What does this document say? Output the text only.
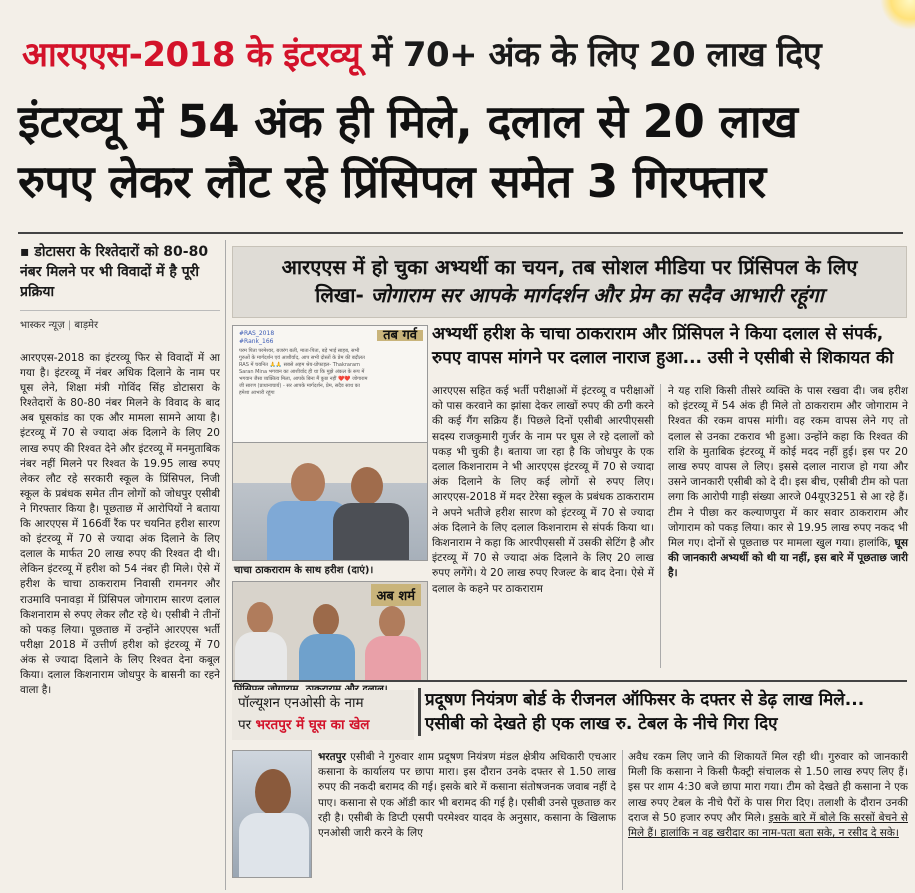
आरएएस-2018 के इंटरव्यू में 70+ अंक के लिए 20 लाख दिए
इंटरव्यू में 54 अंक ही मिले, दलाल से 20 लाख
रुपए लेकर लौट रहे प्रिंसिपल समेत 3 गिरफ्तार
▪ डोटासरा के रिश्तेदारों को 80-80 नंबर मिलने पर भी विवादों में है पूरी प्रक्रिया
भास्कर न्यूज़ | बाड़मेर
आरएएस-2018 का इंटरव्यू फिर से विवादों में आ गया है। इंटरव्यू में नंबर अधिक दिलाने के नाम पर घूस लेने, शिक्षा मंत्री गोविंद सिंह डोटासरा के रिश्तेदारों के 80-80 नंबर मिलने के विवाद के बाद अब घूसकांड का एक और मामला सामने आया है। इंटरव्यू में 70 से ज्यादा अंक दिलाने के लिए 20 लाख रुपए की रिश्वत देने और इंटरव्यू में मनमुताबिक नंबर नहीं मिलने पर रिश्वत के 19.95 लाख रुपए लेकर लौट रहे सरकारी स्कूल के प्रिंसिपल, निजी स्कूल के प्रबंधक समेत तीन लोगों को जोधपुर एसीबी ने गिरफ्तार किया है। पूछताछ में आरोपियों ने बताया कि आरएएस में 166वीं रैंक पर चयनित हरीश सारण को इंटरव्यू में 70 से ज्यादा अंक दिलाने के लिए दलाल के मार्फत 20 लाख रुपए की रिश्वत दी थी। लेकिन इंटरव्यू में हरीश को 54 नंबर ही मिले। ऐसे में हरीश के चाचा ठाकराराम निवासी रामनगर और राउमावि पनावड़ा में प्रिंसिपल जोगाराम सारण दलाल किशनाराम से रुपए लेकर लौट रहे थे। एसीबी ने तीनों को पकड़ लिया। पूछताछ में उन्होंने आरएएस भर्ती परीक्षा 2018 में उत्तीर्ण हरीश को इंटरव्यू में 70 अंक से ज्यादा दिलाने के लिए रिश्वत देना कबूल किया। दलाल किशनाराम जोधपुर के बासनी का रहने वाला है।
आरएएस में हो चुका अभ्यर्थी का चयन, तब सोशल मीडिया पर प्रिंसिपल के लिए
लिखा- जोगाराम सर आपके मार्गदर्शन और प्रेम का सदैव आभारी रहूंगा
तब गर्व
#RAS_2018
#Rank_166
परम पिता परमेश्वर, बजरंग बली, माता-पिता, बड़े भाई साहब, सभी गुरुओं के मार्गदर्शन एवं आशीर्वाद, आप सभी दोस्तों के प्रेम की बदौलत RAS में चयनित 🙏🙏 सबसे अहम श्रेय-प्रोफाइल- Thakraram Saran Mina भगवान का आशीर्वाद ही था कि मुझे अंकल के रूप में भगवान जैसा व्यक्तित्व मिला, आपके बिना मैं कुछ नहीं ❤️❤️ जोगाराम जी सारण (प्राधानाचार्य) - सर आपके मार्गदर्शन, प्रेम, सदैव साथ का हमेशा आभारी रहूंगा
चाचा ठाकराराम के साथ हरीश (दाएं)।
अब शर्म
अभ्यर्थी हरीश के चाचा ठाकराराम और प्रिंसिपल ने किया दलाल से संपर्क, रुपए वापस मांगने पर दलाल नाराज हुआ... उसी ने एसीबी से शिकायत की
आरएएस सहित कई भर्ती परीक्षाओं में इंटरव्यू व परीक्षाओं को पास करवाने का झांसा देकर लाखों रुपए की ठगी करने की कई गैंग सक्रिय हैं। पिछले दिनों एसीबी आरपीएससी सदस्य राजकुमारी गुर्जर के नाम पर घूस ले रहे दलालों को पकड़ भी चुकी है। बताया जा रहा है कि जोधपुर के एक दलाल किशनाराम ने भी आरएएस इंटरव्यू में 70 से ज्यादा अंक दिलाने के लिए कई लोगों से रुपए लिए। आरएएस-2018 में मदर टेरेसा स्कूल के प्रबंधक ठाकराराम ने अपने भतीजे हरीश सारण को इंटरव्यू में 70 से ज्यादा अंक दिलाने के लिए दलाल किशनाराम से संपर्क किया था। किशनाराम ने कहा कि आरपीएससी में उसकी सेटिंग है और इंटरव्यू में 70 से ज्यादा अंक दिलाने के लिए 20 लाख रुपए लगेंगे। ये 20 लाख रुपए रिजल्ट के बाद देना। ऐसे में दलाल के कहने पर ठाकराराम
ने यह राशि किसी तीसरे व्यक्ति के पास रखवा दी। जब हरीश को इंटरव्यू में 54 अंक ही मिले तो ठाकराराम और जोगाराम ने रिश्वत की रकम वापस मांगी। वह रकम वापस लेने गए तो दलाल से उनका टकराव भी हुआ। उन्होंने कहा कि रिश्वत की राशि के मुताबिक इंटरव्यू में कोई मदद नहीं हुई। इस पर 20 लाख रुपए वापस ले लिए। इससे दलाल नाराज हो गया और उसने जानकारी एसीबी को दे दी। इस बीच, एसीबी टीम को पता लगा कि आरोपी गाड़ी संख्या आरजे 04यूए3251 से आ रहे हैं। टीम ने पीछा कर कल्याणपुरा में कार सवार ठाकराराम और जोगाराम को पकड़ लिया। कार से 19.95 लाख रुपए नकद भी मिल गए। दोनों से पूछताछ पर मामला खुल गया। हालांकि, घूस की जानकारी अभ्यर्थी को थी या नहीं, इस बारे में पूछताछ जारी है।
पॉल्यूशन एनओसी के नाम
पर भरतपुर में घूस का खेल
प्रदूषण नियंत्रण बोर्ड के रीजनल ऑफिसर के दफ्तर से डेढ़ लाख मिले... एसीबी को देखते ही एक लाख रु. टेबल के नीचे गिरा दिए
भरतपुर एसीबी ने गुरुवार शाम प्रदूषण नियंत्रण मंडल क्षेत्रीय अधिकारी एचआर कसाना के कार्यालय पर छापा मारा। इस दौरान उनके दफ्तर से 1.50 लाख रुपए की नकदी बरामद की गई। इसके बारे में कसाना संतोषजनक जवाब नहीं दे पाए। कसाना से एक ऑडी कार भी बरामद की गई है। एसीबी उनसे पूछताछ कर रही है। एसीबी के डिप्टी एसपी परमेश्वर यादव के अनुसार, कसाना के खिलाफ एनओसी जारी करने के लिए
अवैध रकम लिए जाने की शिकायतें मिल रही थी। गुरुवार को जानकारी मिली कि कसाना ने किसी फैक्ट्री संचालक से 1.50 लाख रुपए लिए हैं। इस पर शाम 4:30 बजे छापा मारा गया। टीम को देखते ही कसाना ने एक लाख रुपए टेबल के नीचे पैरों के पास गिरा दिए। तलाशी के दौरान उनकी दराज से 50 हजार रुपए और मिले। इसके बारे में बोले कि सरसों बेचने से मिले हैं। हालांकि न वह खरीदार का नाम-पता बता सके, न रसीद दे सके।
